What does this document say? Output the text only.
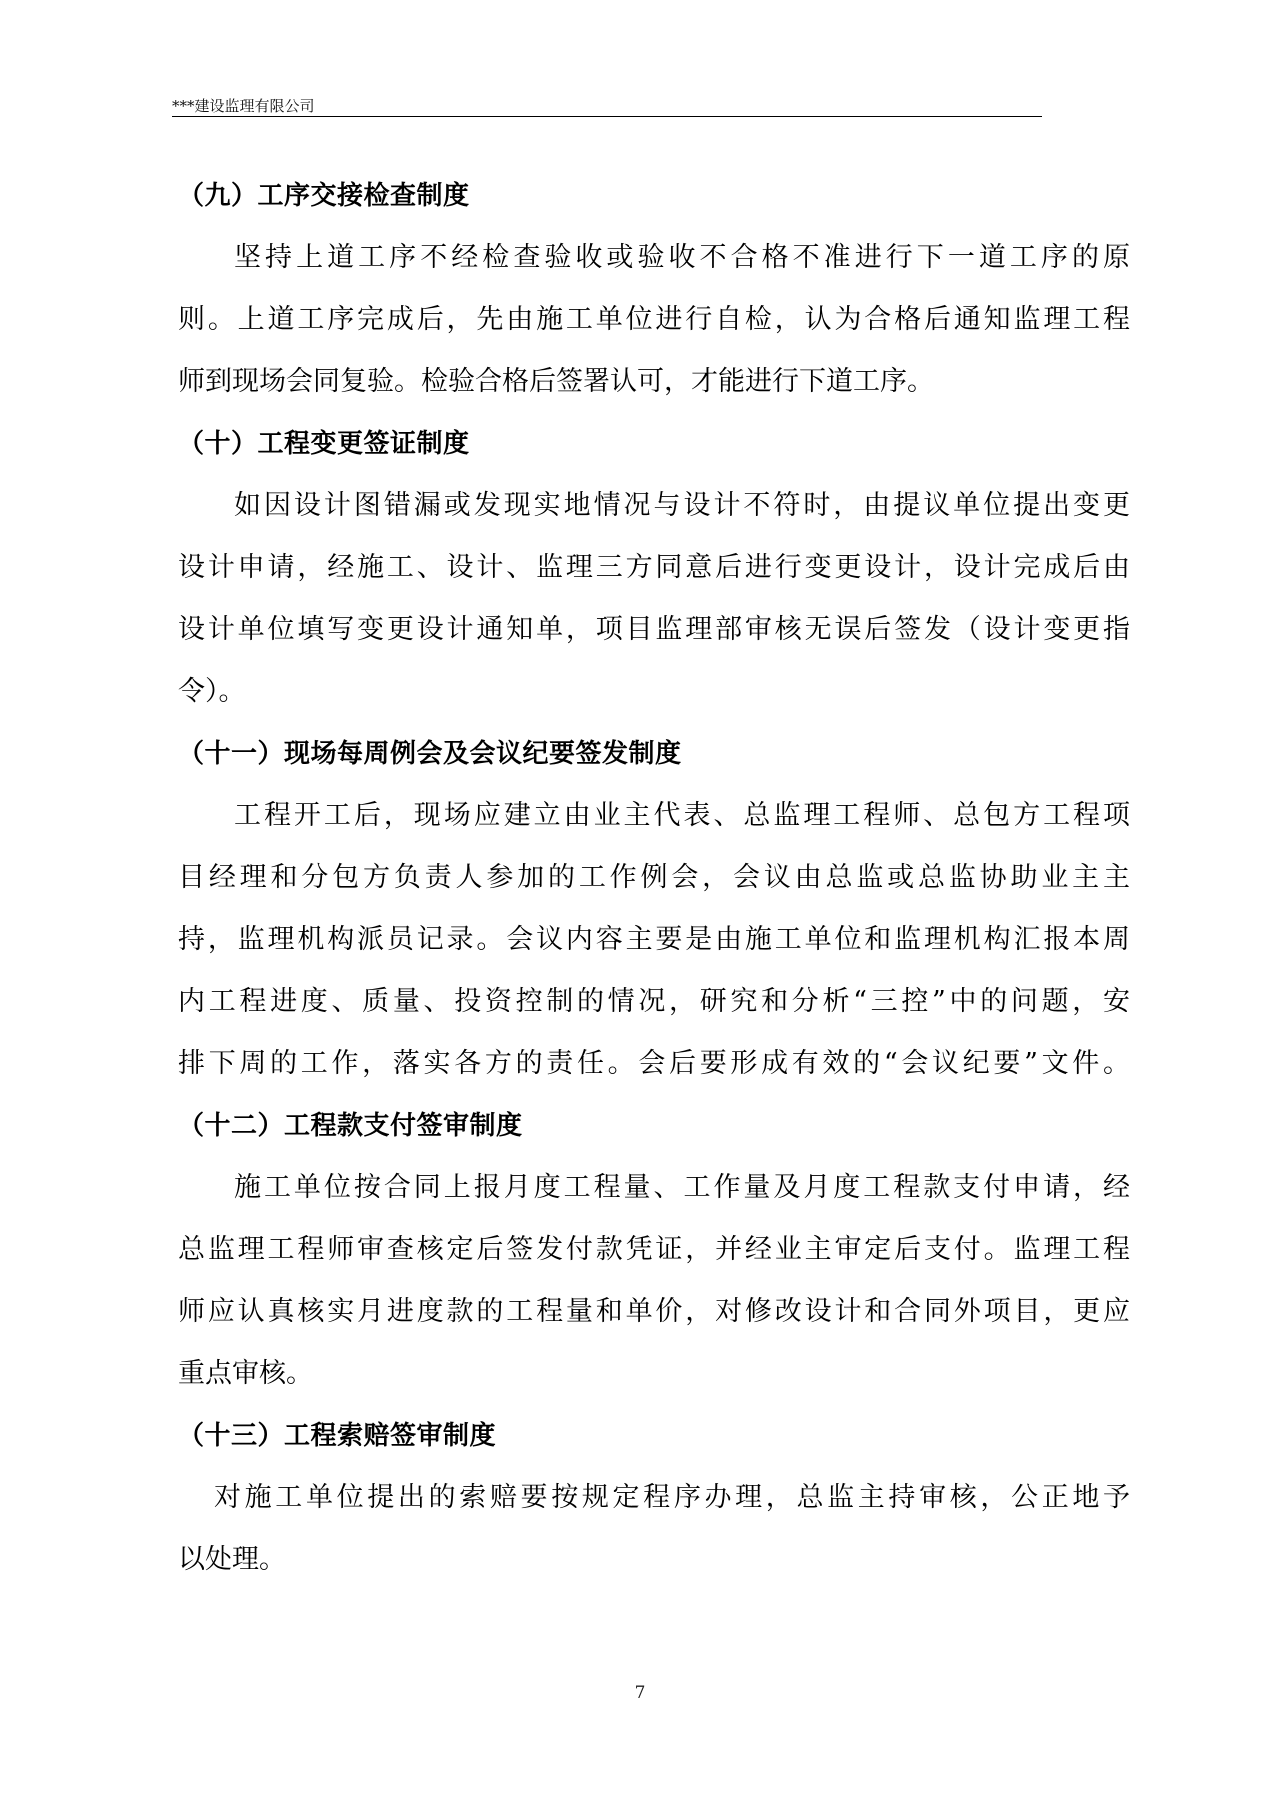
***建设监理有限公司
（九）工序交接检查制度

坚持上道工序不经检查验收或验收不合格不准进行下一道工序的原
则。上道工序完成后，先由施工单位进行自检，认为合格后通知监理工程
师到现场会同复验。检验合格后签署认可，才能进行下道工序。

（十）工程变更签证制度

如因设计图错漏或发现实地情况与设计不符时，由提议单位提出变更
设计申请，经施工、设计、监理三方同意后进行变更设计，设计完成后由
设计单位填写变更设计通知单，项目监理部审核无误后签发（设计变更指
令）。

（十一）现场每周例会及会议纪要签发制度

工程开工后，现场应建立由业主代表、总监理工程师、总包方工程项
目经理和分包方负责人参加的工作例会，会议由总监或总监协助业主主
持，监理机构派员记录。会议内容主要是由施工单位和监理机构汇报本周
内工程进度、质量、投资控制的情况，研究和分析“三控”中的问题，安
排下周的工作，落实各方的责任。会后要形成有效的“会议纪要”文件。

（十二）工程款支付签审制度

施工单位按合同上报月度工程量、工作量及月度工程款支付申请，经
总监理工程师审查核定后签发付款凭证，并经业主审定后支付。监理工程
师应认真核实月进度款的工程量和单价，对修改设计和合同外项目，更应
重点审核。

（十三）工程索赔签审制度

对施工单位提出的索赔要按规定程序办理，总监主持审核，公正地予
以处理。

7
